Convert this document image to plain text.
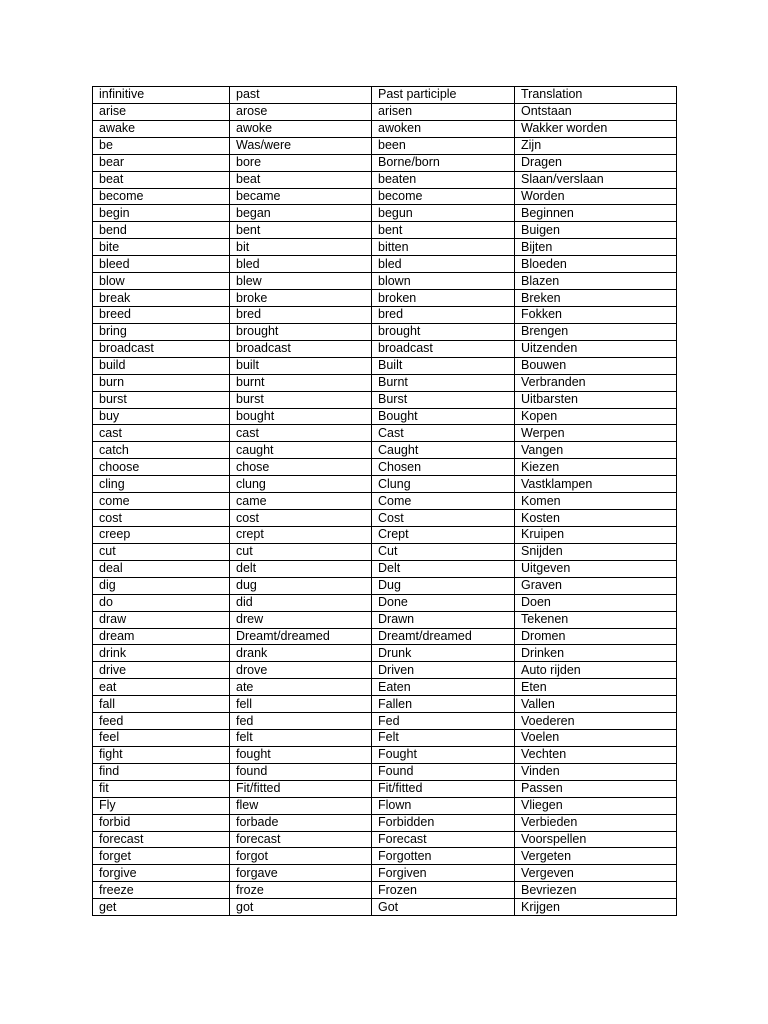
infinitive	past	Past participle	Translation
arise	arose	arisen	Ontstaan
awake	awoke	awoken	Wakker worden
be	Was/were	been	Zijn
bear	bore	Borne/born	Dragen
beat	beat	beaten	Slaan/verslaan
become	became	become	Worden
begin	began	begun	Beginnen
bend	bent	bent	Buigen
bite	bit	bitten	Bijten
bleed	bled	bled	Bloeden
blow	blew	blown	Blazen
break	broke	broken	Breken
breed	bred	bred	Fokken
bring	brought	brought	Brengen
broadcast	broadcast	broadcast	Uitzenden
build	built	Built	Bouwen
burn	burnt	Burnt	Verbranden
burst	burst	Burst	Uitbarsten
buy	bought	Bought	Kopen
cast	cast	Cast	Werpen
catch	caught	Caught	Vangen
choose	chose	Chosen	Kiezen
cling	clung	Clung	Vastklampen
come	came	Come	Komen
cost	cost	Cost	Kosten
creep	crept	Crept	Kruipen
cut	cut	Cut	Snijden
deal	delt	Delt	Uitgeven
dig	dug	Dug	Graven
do	did	Done	Doen
draw	drew	Drawn	Tekenen
dream	Dreamt/dreamed	Dreamt/dreamed	Dromen
drink	drank	Drunk	Drinken
drive	drove	Driven	Auto rijden
eat	ate	Eaten	Eten
fall	fell	Fallen	Vallen
feed	fed	Fed	Voederen
feel	felt	Felt	Voelen
fight	fought	Fought	Vechten
find	found	Found	Vinden
fit	Fit/fitted	Fit/fitted	Passen
Fly	flew	Flown	Vliegen
forbid	forbade	Forbidden	Verbieden
forecast	forecast	Forecast	Voorspellen
forget	forgot	Forgotten	Vergeten
forgive	forgave	Forgiven	Vergeven
freeze	froze	Frozen	Bevriezen
get	got	Got	Krijgen
